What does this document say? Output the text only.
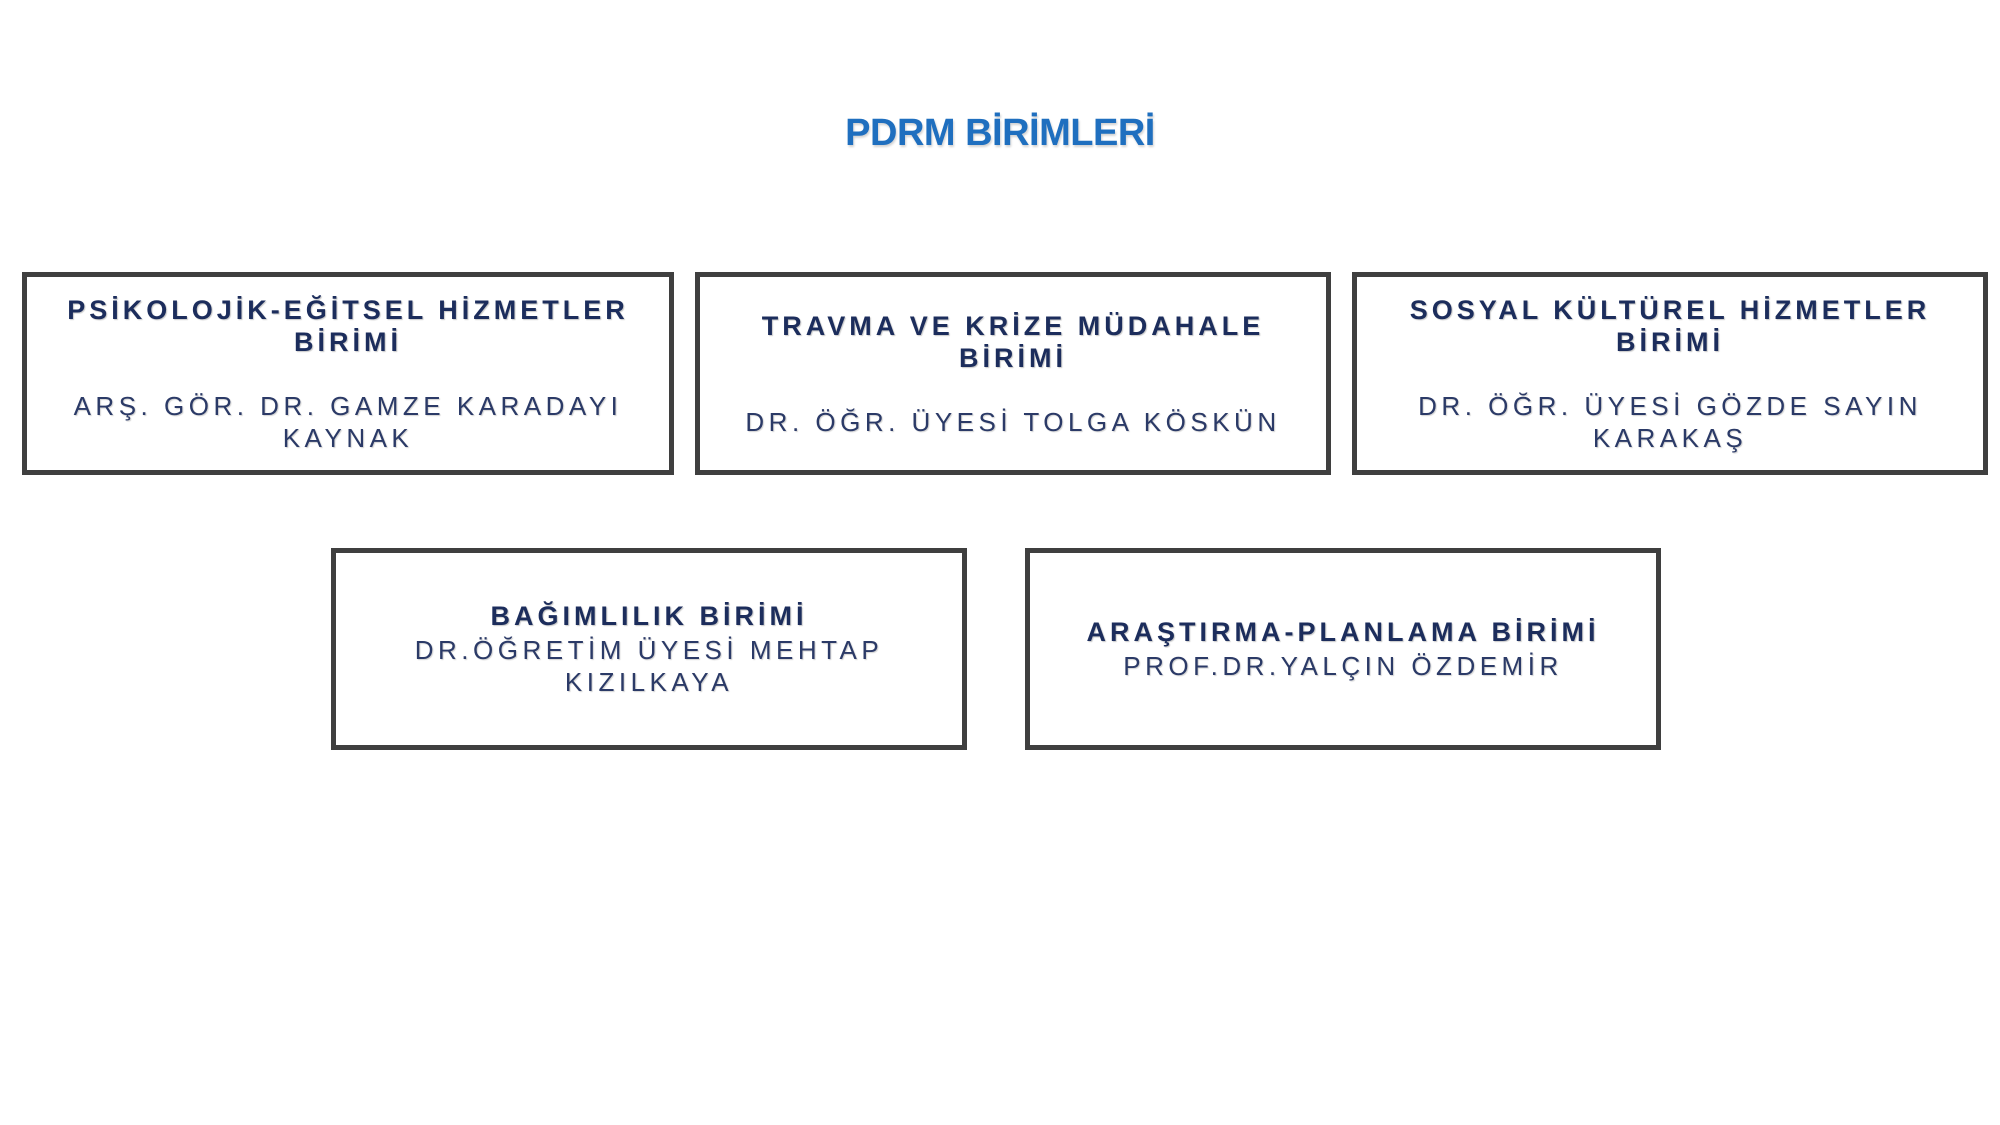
PDRM BİRİMLERİ
PSİKOLOJİK-EĞİTSEL HİZMETLER
BİRİMİ
ARŞ. GÖR. DR. GAMZE KARADAYI
KAYNAK
TRAVMA VE KRİZE MÜDAHALE
BİRİMİ
DR. ÖĞR. ÜYESİ TOLGA KÖSKÜN
SOSYAL KÜLTÜREL HİZMETLER
BİRİMİ
DR. ÖĞR. ÜYESİ GÖZDE SAYIN
KARAKAŞ
BAĞIMLILIK BİRİMİ
DR.ÖĞRETİM ÜYESİ MEHTAP
KIZILKAYA
ARAŞTIRMA-PLANLAMA BİRİMİ
PROF.DR.YALÇIN ÖZDEMİR
